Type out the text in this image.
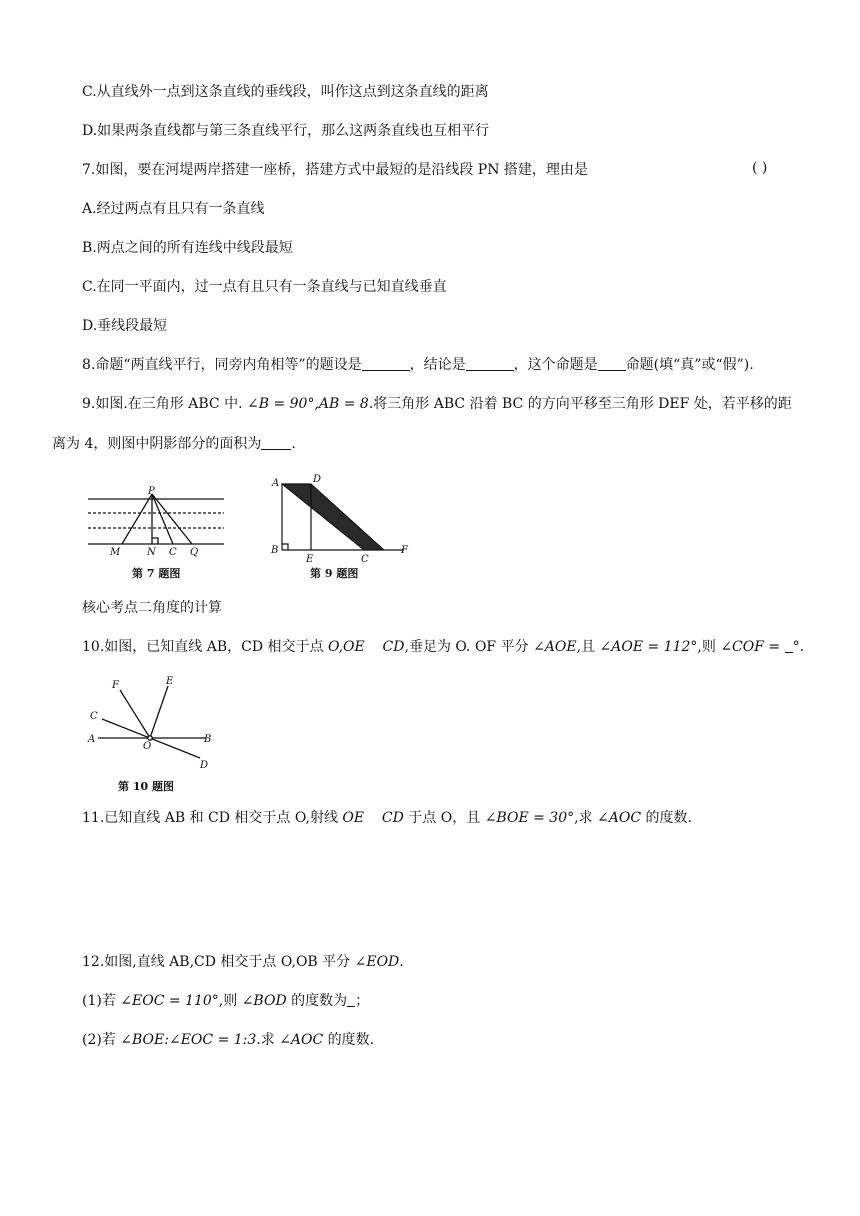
C.从直线外一点到这条直线的垂线段，叫作这点到这条直线的距离
D.如果两条直线都与第三条直线平行，那么这两条直线也互相平行
7.如图，要在河堤两岸搭建一座桥，搭建方式中最短的是沿线段 PN 搭建，理由是	( )
A.经过两点有且只有一条直线
B.两点之间的所有连线中线段最短
C.在同一平面内，过一点有且只有一条直线与已知直线垂直
D.垂线段最短
8.命题“两直线平行，同旁内角相等”的题设是	，结论是	，这个命题是 命题(填“真”或“假”).
9.如图.在三角形 ABC 中. ∠B = 90°,AB = 8.将三角形 ABC 沿着 BC 的方向平移至三角形 DEF 处，若平移的距
离为 4，则图中阴影部分的面积为 .
P
M	N C Q
第 7 题图
A	D
B
E	C
F
第 9 题图
核心考点二角度的计算
10.如图，已知直线 AB，CD 相交于点 O,OE    CD,垂足为 O. OF 平分 ∠AOE,且 ∠AOE = 112°,则 ∠COF = °.
F	E
C
A
O
B
D
第 10 题图
11.已知直线 AB 和 CD 相交于点 O,射线 OE    CD 于点 O，且 ∠BOE = 30°,求 ∠AOC 的度数.
12.如图,直线 AB,CD 相交于点 O,OB 平分 ∠EOD.
(1)若 ∠EOC = 110°,则 ∠BOD 的度数为 ；
(2)若 ∠BOE:∠EOC = 1:3.求 ∠AOC 的度数.
